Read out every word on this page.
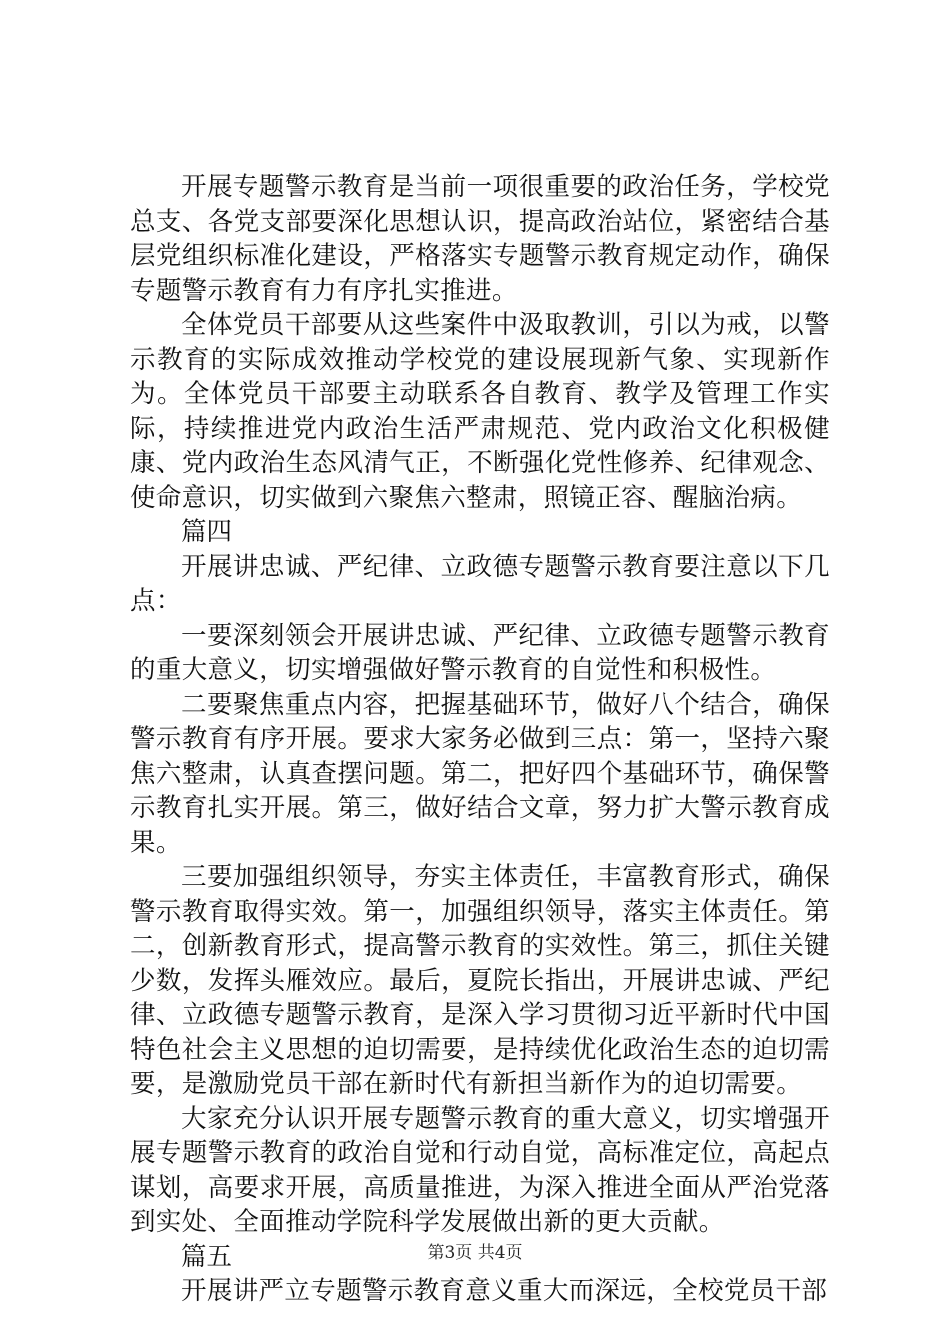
开展专题警示教育是当前一项很重要的政治任务，学校党总支、各党支部要深化思想认识，提高政治站位，紧密结合基层党组织标准化建设，严格落实专题警示教育规定动作，确保专题警示教育有力有序扎实推进。

全体党员干部要从这些案件中汲取教训，引以为戒，以警示教育的实际成效推动学校党的建设展现新气象、实现新作为。全体党员干部要主动联系各自教育、教学及管理工作实际，持续推进党内政治生活严肃规范、党内政治文化积极健康、党内政治生态风清气正，不断强化党性修养、纪律观念、使命意识，切实做到六聚焦六整肃，照镜正容、醒脑治病。

篇四

开展讲忠诚、严纪律、立政德专题警示教育要注意以下几点：

一要深刻领会开展讲忠诚、严纪律、立政德专题警示教育的重大意义，切实增强做好警示教育的自觉性和积极性。

二要聚焦重点内容，把握基础环节，做好八个结合，确保警示教育有序开展。要求大家务必做到三点：第一，坚持六聚焦六整肃，认真查摆问题。第二，把好四个基础环节，确保警示教育扎实开展。第三，做好结合文章，努力扩大警示教育成果。

三要加强组织领导，夯实主体责任，丰富教育形式，确保警示教育取得实效。第一，加强组织领导，落实主体责任。第二，创新教育形式，提高警示教育的实效性。第三，抓住关键少数，发挥头雁效应。最后，夏院长指出，开展讲忠诚、严纪律、立政德专题警示教育，是深入学习贯彻习近平新时代中国特色社会主义思想的迫切需要，是持续优化政治生态的迫切需要，是激励党员干部在新时代有新担当新作为的迫切需要。

大家充分认识开展专题警示教育的重大意义，切实增强开展专题警示教育的政治自觉和行动自觉，高标准定位，高起点谋划，高要求开展，高质量推进，为深入推进全面从严治党落到实处、全面推动学院科学发展做出新的更大贡献。

篇五

开展讲严立专题警示教育意义重大而深远，全校党员干部

第3页 共4页
